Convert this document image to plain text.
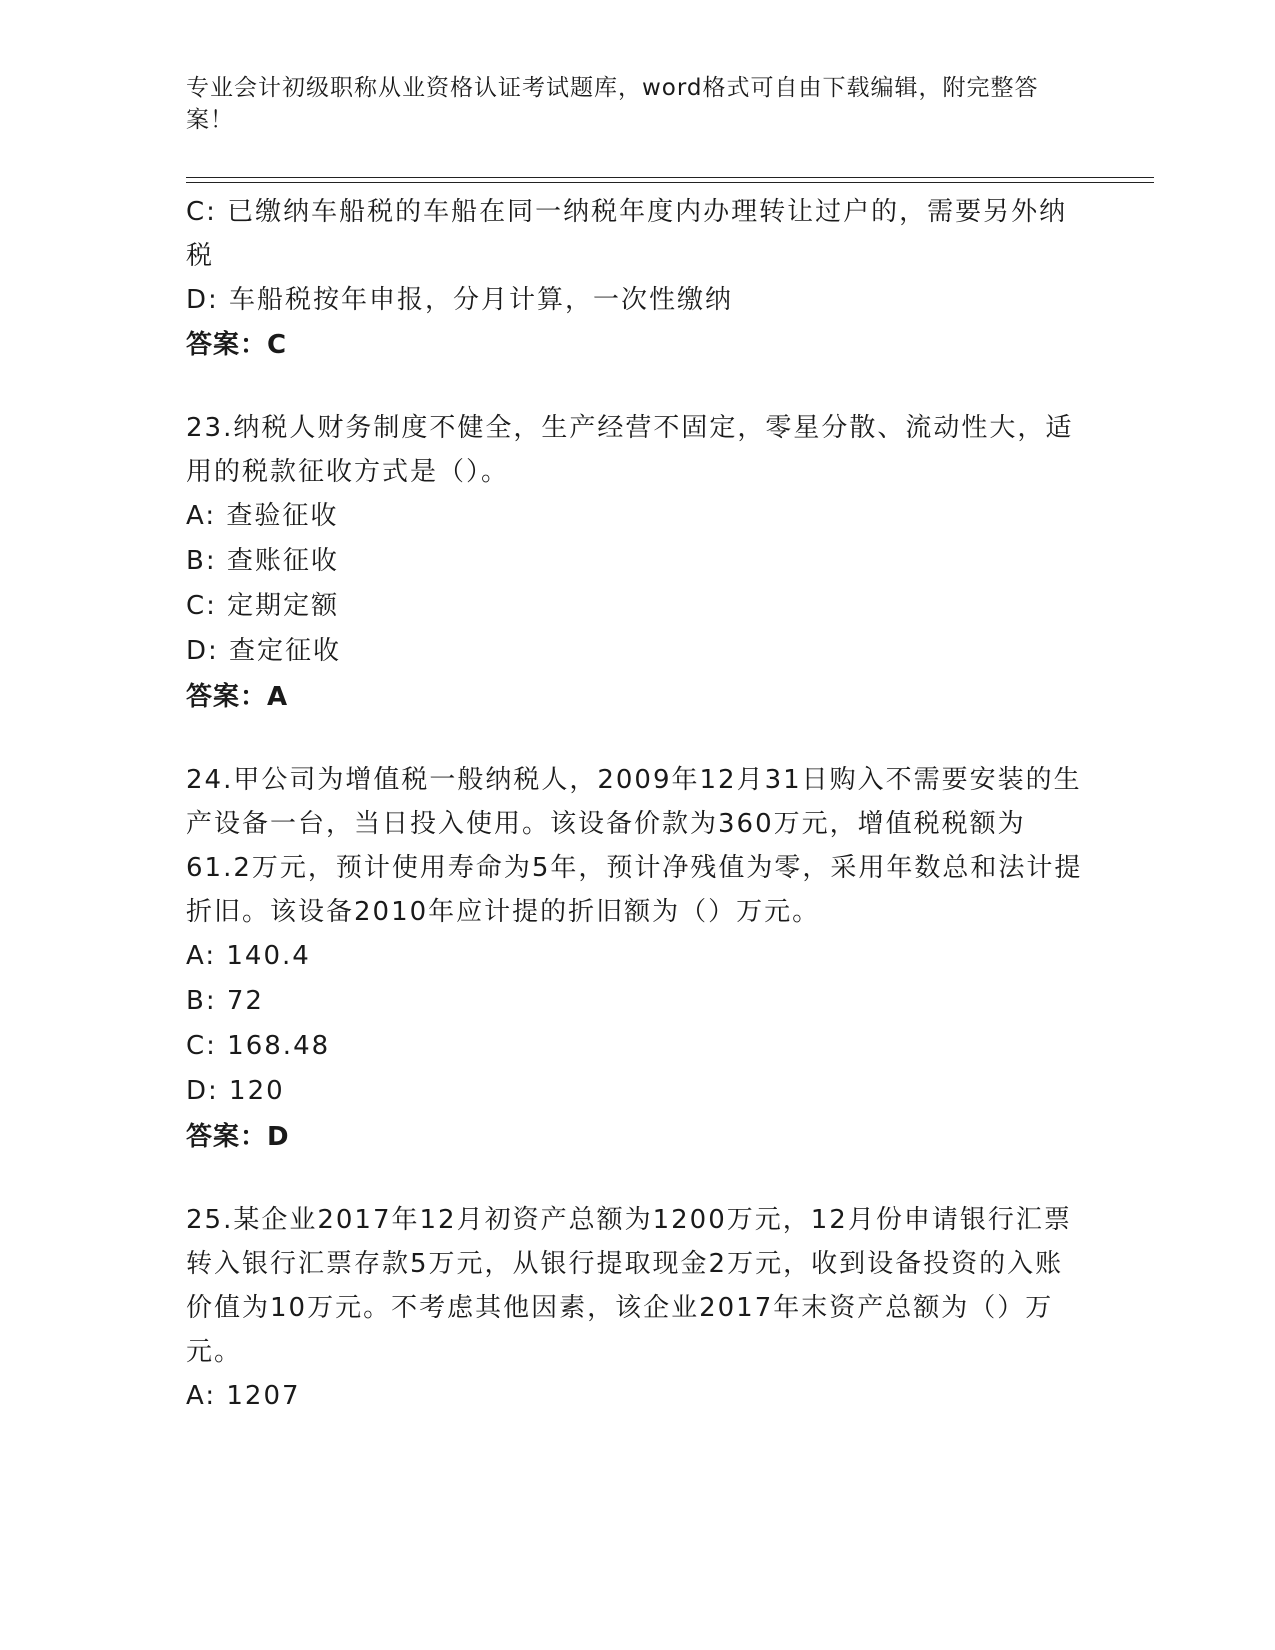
专业会计初级职称从业资格认证考试题库，word格式可自由下载编辑，附完整答案！
C: 已缴纳车船税的车船在同一纳税年度内办理转让过户的，需要另外纳税
D: 车船税按年申报，分月计算，一次性缴纳
答案：C
23.纳税人财务制度不健全，生产经营不固定，零星分散、流动性大，适用的税款征收方式是（）。
A: 查验征收
B: 查账征收
C: 定期定额
D: 查定征收
答案：A
24.甲公司为增值税一般纳税人，2009年12月31日购入不需要安装的生产设备一台，当日投入使用。该设备价款为360万元，增值税税额为61.2万元，预计使用寿命为5年，预计净残值为零，采用年数总和法计提折旧。该设备2010年应计提的折旧额为（）万元。
A: 140.4
B: 72
C: 168.48
D: 120
答案：D
25.某企业2017年12月初资产总额为1200万元，12月份申请银行汇票转入银行汇票存款5万元，从银行提取现金2万元，收到设备投资的入账价值为10万元。不考虑其他因素，该企业2017年末资产总额为（）万元。
A: 1207
